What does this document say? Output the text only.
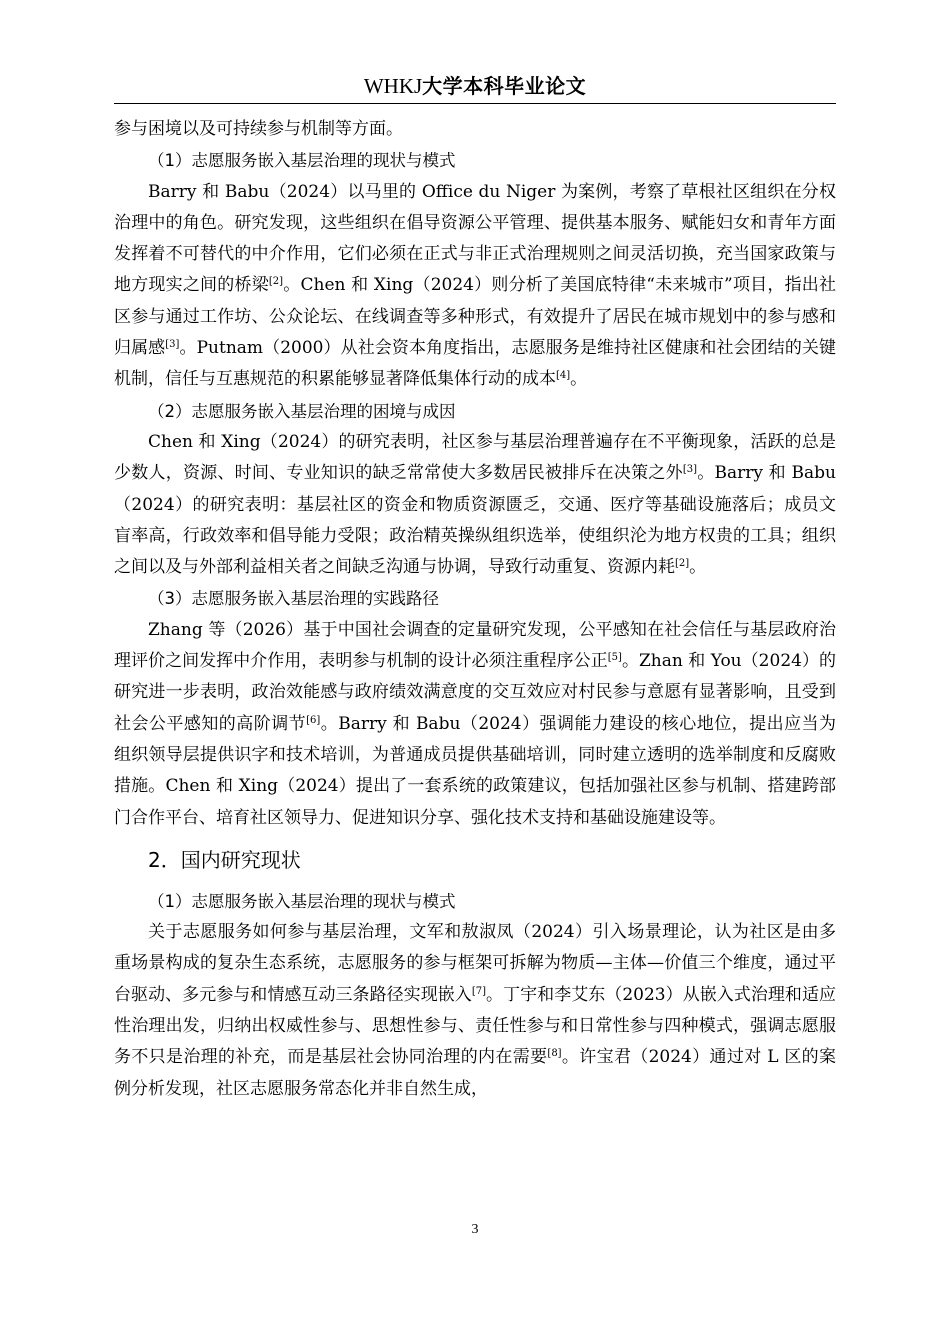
WHKJ大学本科毕业论文

参与困境以及可持续参与机制等方面。

（1）志愿服务嵌入基层治理的现状与模式

Barry 和 Babu（2024）以马里的 Office du Niger 为案例，考察了草根社区组织在分权治理中的角色。研究发现，这些组织在倡导资源公平管理、提供基本服务、赋能妇女和青年方面发挥着不可替代的中介作用，它们必须在正式与非正式治理规则之间灵活切换，充当国家政策与地方现实之间的桥梁[2]。Chen 和 Xing（2024）则分析了美国底特律“未来城市”项目，指出社区参与通过工作坊、公众论坛、在线调查等多种形式，有效提升了居民在城市规划中的参与感和归属感[3]。Putnam（2000）从社会资本角度指出，志愿服务是维持社区健康和社会团结的关键机制，信任与互惠规范的积累能够显著降低集体行动的成本[4]。

（2）志愿服务嵌入基层治理的困境与成因

Chen 和 Xing（2024）的研究表明，社区参与基层治理普遍存在不平衡现象，活跃的总是少数人，资源、时间、专业知识的缺乏常常使大多数居民被排斥在决策之外[3]。Barry 和 Babu（2024）的研究表明：基层社区的资金和物质资源匮乏，交通、医疗等基础设施落后；成员文盲率高，行政效率和倡导能力受限；政治精英操纵组织选举，使组织沦为地方权贵的工具；组织之间以及与外部利益相关者之间缺乏沟通与协调，导致行动重复、资源内耗[2]。

（3）志愿服务嵌入基层治理的实践路径

Zhang 等（2026）基于中国社会调查的定量研究发现，公平感知在社会信任与基层政府治理评价之间发挥中介作用，表明参与机制的设计必须注重程序公正[5]。Zhan 和 You（2024）的研究进一步表明，政治效能感与政府绩效满意度的交互效应对村民参与意愿有显著影响，且受到社会公平感知的高阶调节[6]。Barry 和 Babu（2024）强调能力建设的核心地位，提出应当为组织领导层提供识字和技术培训，为普通成员提供基础培训，同时建立透明的选举制度和反腐败措施。Chen 和 Xing（2024）提出了一套系统的政策建议，包括加强社区参与机制、搭建跨部门合作平台、培育社区领导力、促进知识分享、强化技术支持和基础设施建设等。

2．国内研究现状
（1）志愿服务嵌入基层治理的现状与模式

关于志愿服务如何参与基层治理，文军和敖淑凤（2024）引入场景理论，认为社区是由多重场景构成的复杂生态系统，志愿服务的参与框架可拆解为物质—主体—价值三个维度，通过平台驱动、多元参与和情感互动三条路径实现嵌入[7]。丁宇和李艾东（2023）从嵌入式治理和适应性治理出发，归纳出权威性参与、思想性参与、责任性参与和日常性参与四种模式，强调志愿服务不只是治理的补充，而是基层社会协同治理的内在需要[8]。许宝君（2024）通过对 L 区的案例分析发现，社区志愿服务常态化并非自然生成，

3
